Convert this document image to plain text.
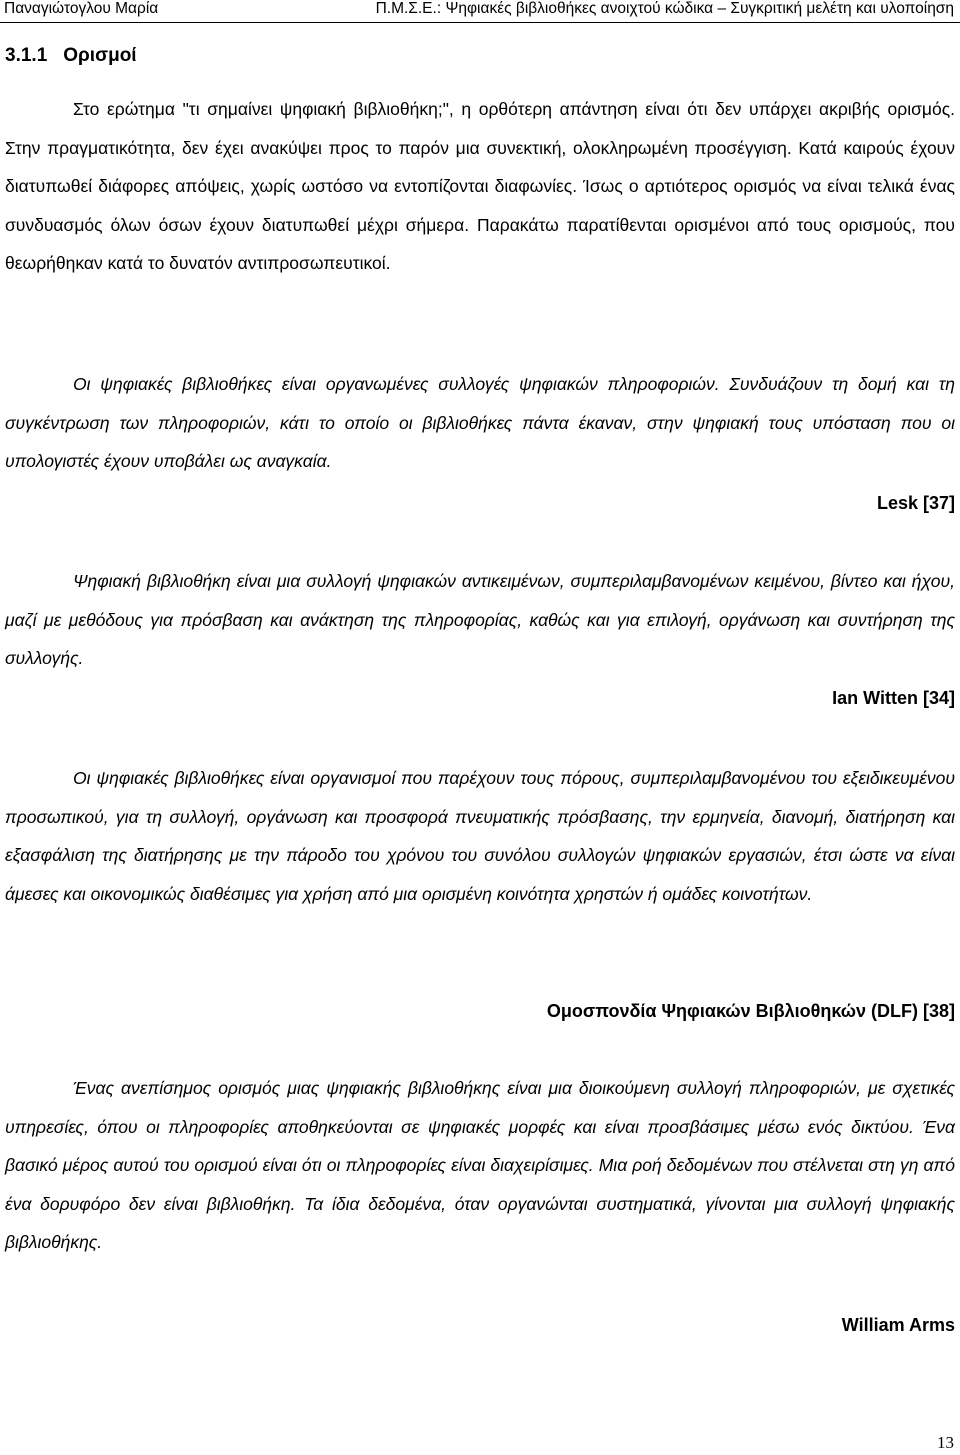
Παναγιώτογλου Μαρία	Π.Μ.Σ.Ε.: Ψηφιακές βιβλιοθήκες ανοιχτού κώδικα – Συγκριτική μελέτη και υλοποίηση
3.1.1 Ορισμοί

Στο ερώτημα "τι σημαίνει ψηφιακή βιβλιοθήκη;", η ορθότερη απάντηση είναι ότι δεν υπάρχει ακριβής ορισμός. Στην πραγματικότητα, δεν έχει ανακύψει προς το παρόν μια συνεκτική, ολοκληρωμένη προσέγγιση. Κατά καιρούς έχουν διατυπωθεί διάφορες απόψεις, χωρίς ωστόσο να εντοπίζονται διαφωνίες. Ίσως ο αρτιότερος ορισμός να είναι τελικά ένας συνδυασμός όλων όσων έχουν διατυπωθεί μέχρι σήμερα. Παρακάτω παρατίθενται ορισμένοι από τους ορισμούς, που θεωρήθηκαν κατά το δυνατόν αντιπροσωπευτικοί.

Οι ψηφιακές βιβλιοθήκες είναι οργανωμένες συλλογές ψηφιακών πληροφοριών. Συνδυάζουν τη δομή και τη συγκέντρωση των πληροφοριών, κάτι το οποίο οι βιβλιοθήκες πάντα έκαναν, στην ψηφιακή τους υπόσταση που οι υπολογιστές έχουν υποβάλει ως αναγκαία.

Lesk [37]

Ψηφιακή βιβλιοθήκη είναι μια συλλογή ψηφιακών αντικειμένων, συμπεριλαμβανομένων κειμένου, βίντεο και ήχου, μαζί με μεθόδους για πρόσβαση και ανάκτηση της πληροφορίας, καθώς και για επιλογή, οργάνωση και συντήρηση της συλλογής.

Ian Witten [34]

Οι ψηφιακές βιβλιοθήκες είναι οργανισμοί που παρέχουν τους πόρους, συμπεριλαμβανομένου του εξειδικευμένου προσωπικού, για τη συλλογή, οργάνωση και προσφορά πνευματικής πρόσβασης, την ερμηνεία, διανομή, διατήρηση και εξασφάλιση της διατήρησης με την πάροδο του χρόνου του συνόλου συλλογών ψηφιακών εργασιών, έτσι ώστε να είναι άμεσες και οικονομικώς διαθέσιμες για χρήση από μια ορισμένη κοινότητα χρηστών ή ομάδες κοινοτήτων.

Ομοσπονδία Ψηφιακών Βιβλιοθηκών (DLF) [38]

Ένας ανεπίσημος ορισμός μιας ψηφιακής βιβλιοθήκης είναι μια διοικούμενη συλλογή πληροφοριών, με σχετικές υπηρεσίες, όπου οι πληροφορίες αποθηκεύονται σε ψηφιακές μορφές και είναι προσβάσιμες μέσω ενός δικτύου. Ένα βασικό μέρος αυτού του ορισμού είναι ότι οι πληροφορίες είναι διαχειρίσιμες. Μια ροή δεδομένων που στέλνεται στη γη από ένα δορυφόρο δεν είναι βιβλιοθήκη. Τα ίδια δεδομένα, όταν οργανώνται συστηματικά, γίνονται μια συλλογή ψηφιακής βιβλιοθήκης.

William Arms
13
